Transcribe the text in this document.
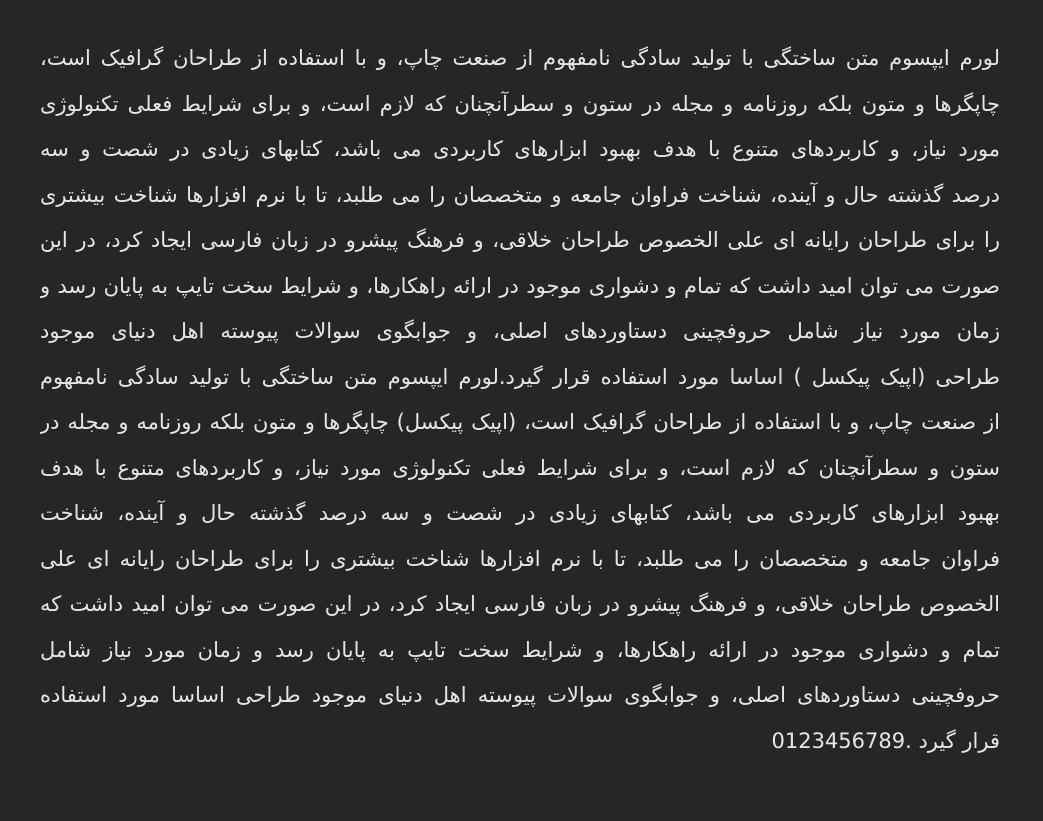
لورم ایپسوم متن ساختگی با تولید سادگی نامفهوم از صنعت چاپ، و با استفاده از طراحان گرافیک است،
چاپگرها و متون بلکه روزنامه و مجله در ستون و سطرآنچنان که لازم است، و برای شرایط فعلی تکنولوژی
مورد نیاز، و کاربردهای متنوع با هدف بهبود ابزارهای کاربردی می باشد، کتابهای زیادی در شصت و سه
درصد گذشته حال و آینده، شناخت فراوان جامعه و متخصصان را می طلبد، تا با نرم افزارها شناخت بیشتری
را برای طراحان رایانه ای علی الخصوص طراحان خلاقی، و فرهنگ پیشرو در زبان فارسی ایجاد کرد، در این
صورت می توان امید داشت که تمام و دشواری موجود در ارائه راهکارها، و شرایط سخت تایپ به پایان رسد و
زمان مورد نیاز شامل حروفچینی دستاوردهای اصلی، و جوابگوی سوالات پیوسته اهل دنیای موجود
طراحی (اپیک پیکسل ) اساسا مورد استفاده قرار گیرد.لورم ایپسوم متن ساختگی با تولید سادگی نامفهوم
از صنعت چاپ، و با استفاده از طراحان گرافیک است، (اپیک پیکسل) چاپگرها و متون بلکه روزنامه و مجله در
ستون و سطرآنچنان که لازم است، و برای شرایط فعلی تکنولوژی مورد نیاز، و کاربردهای متنوع با هدف
بهبود ابزارهای کاربردی می باشد، کتابهای زیادی در شصت و سه درصد گذشته حال و آینده، شناخت
فراوان جامعه و متخصصان را می طلبد، تا با نرم افزارها شناخت بیشتری را برای طراحان رایانه ای علی
الخصوص طراحان خلاقی، و فرهنگ پیشرو در زبان فارسی ایجاد کرد، در این صورت می توان امید داشت که
تمام و دشواری موجود در ارائه راهکارها، و شرایط سخت تایپ به پایان رسد و زمان مورد نیاز شامل
حروفچینی دستاوردهای اصلی، و جوابگوی سوالات پیوسته اهل دنیای موجود طراحی اساسا مورد استفاده
قرار گیرد .0123456789
